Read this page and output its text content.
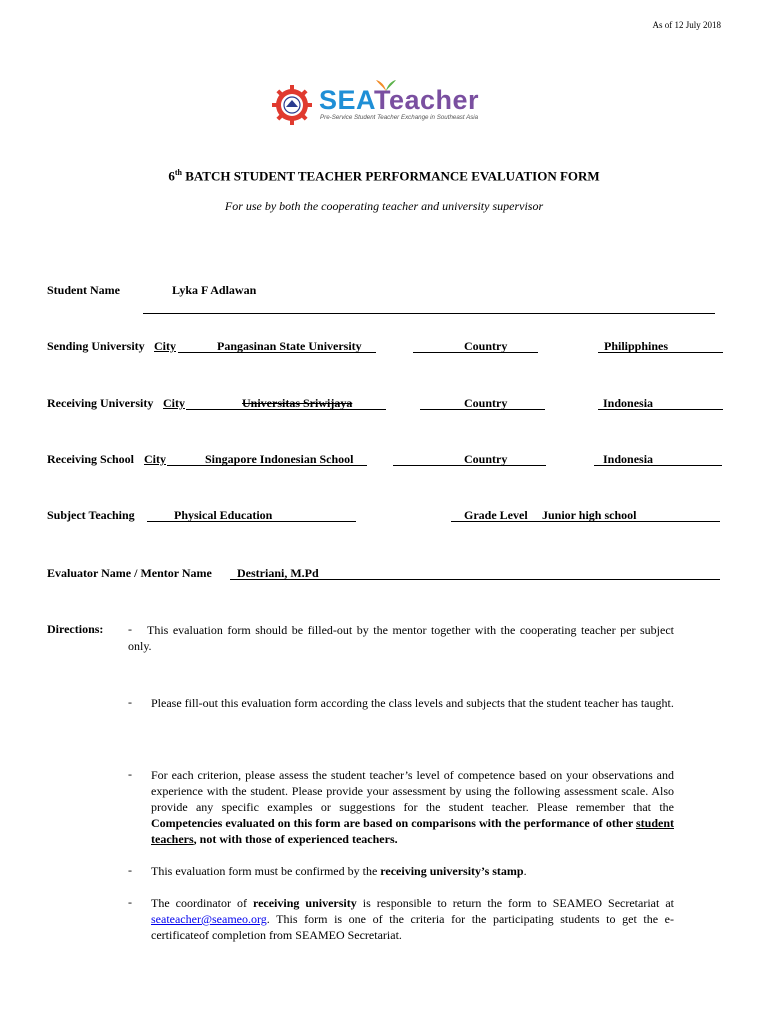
As of 12 July 2018
SEATeacher
Pre-Service Student Teacher Exchange in Southeast Asia
6th BATCH STUDENT TEACHER PERFORMANCE EVALUATION FORM
For use by both the cooperating teacher and university supervisor
Student Name	Lyka F Adlawan
Sending University City	Pangasinan State University	Country	Philipphines
Receiving University City	Universitas Sriwijaya	Country	Indonesia
Receiving School City	Singapore Indonesian School	Country	Indonesia
Subject Teaching	Physical Education	Grade Level Junior high school
Evaluator Name / Mentor Name Destriani, M.Pd
Directions: -	This evaluation form should be filled-out by the mentor together with the cooperating teacher per subject only.
- Please fill-out this evaluation form according the class levels and subjects that the student teacher has taught.
- For each criterion, please assess the student teacher’s level of competence based on your observations and experience with the student. Please provide your assessment by using the following assessment scale. Also provide any specific examples or suggestions for the student teacher. Please remember that the Competencies evaluated on this form are based on comparisons with the performance of other student teachers, not with those of experienced teachers.
- This evaluation form must be confirmed by the receiving university’s stamp.
- The coordinator of receiving university is responsible to return the form to SEAMEO Secretariat at seateacher@seameo.org. This form is one of the criteria for the participating students to get the e-certificateof completion from SEAMEO Secretariat.
